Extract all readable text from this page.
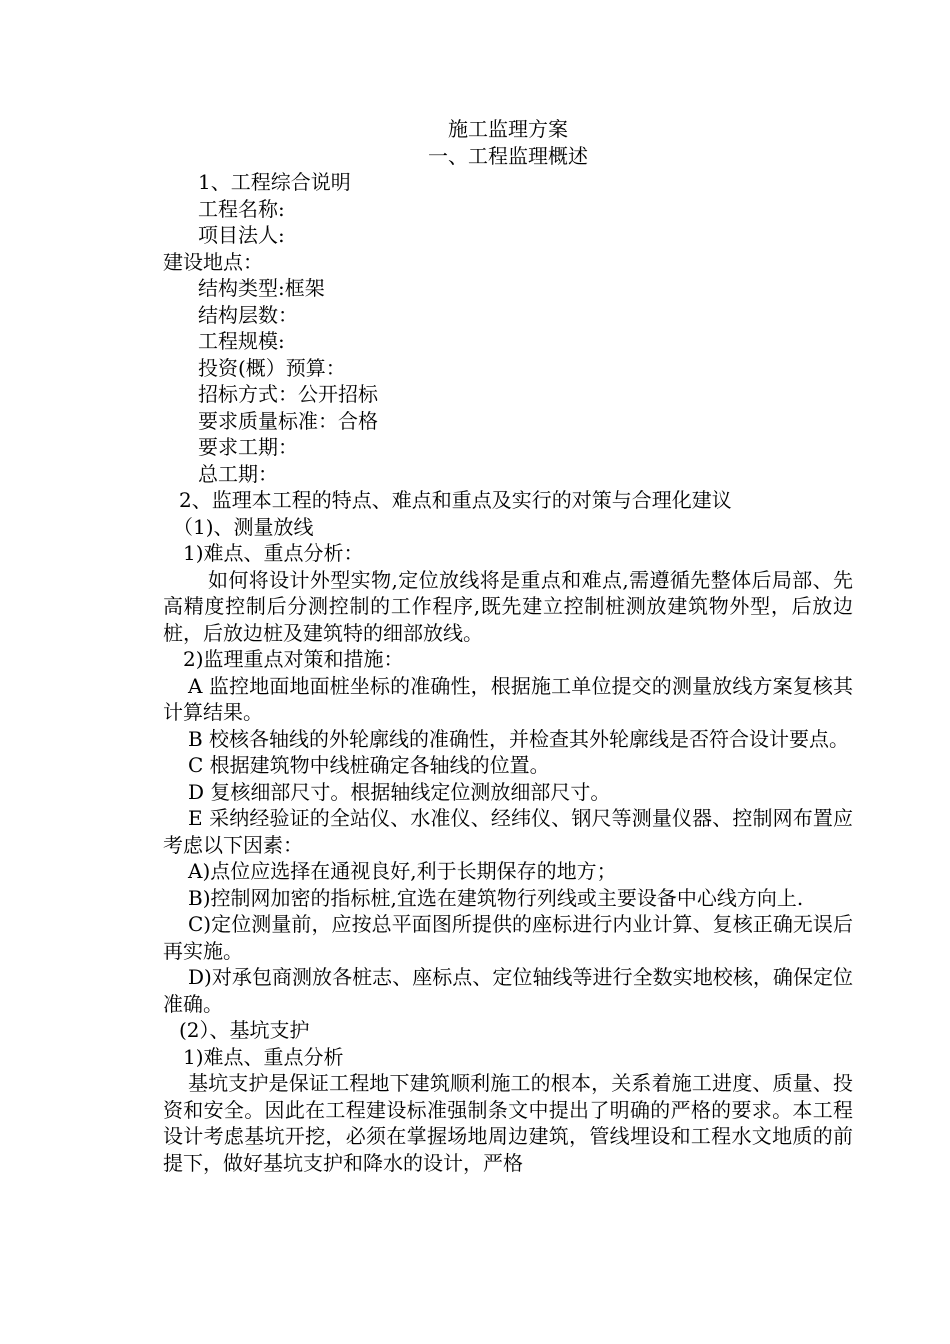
施工监理方案
一、工程监理概述
1、工程综合说明
工程名称:
项目法人:
建设地点：
结构类型:框架
结构层数：
工程规模:
投资(概）预算：
招标方式：公开招标
要求质量标准：合格
要求工期：
总工期：
2、监理本工程的特点、难点和重点及实行的对策与合理化建议
（1)、测量放线
1)难点、重点分析：
如何将设计外型实物,定位放线将是重点和难点,需遵循先整体后局部、先高精度控制后分测控制的工作程序,既先建立控制桩测放建筑物外型，后放边桩，后放边桩及建筑特的细部放线。
2)监理重点对策和措施：
A 监控地面地面桩坐标的准确性，根据施工单位提交的测量放线方案复核其计算结果。
B 校核各轴线的外轮廓线的准确性，并检查其外轮廓线是否符合设计要点。
C 根据建筑物中线桩确定各轴线的位置。
D 复核细部尺寸。根据轴线定位测放细部尺寸。
E 采纳经验证的全站仪、水准仪、经纬仪、钢尺等测量仪器、控制网布置应考虑以下因素：
A)点位应选择在通视良好,利于长期保存的地方；
B)控制网加密的指标桩,宜选在建筑物行列线或主要设备中心线方向上.
C)定位测量前，应按总平面图所提供的座标进行内业计算、复核正确无误后再实施。
D)对承包商测放各桩志、座标点、定位轴线等进行全数实地校核，确保定位准确。
(2）、基坑支护
1)难点、重点分析
基坑支护是保证工程地下建筑顺利施工的根本，关系着施工进度、质量、投资和安全。因此在工程建设标准强制条文中提出了明确的严格的要求。本工程设计考虑基坑开挖，必须在掌握场地周边建筑，管线埋设和工程水文地质的前提下，做好基坑支护和降水的设计，严格
